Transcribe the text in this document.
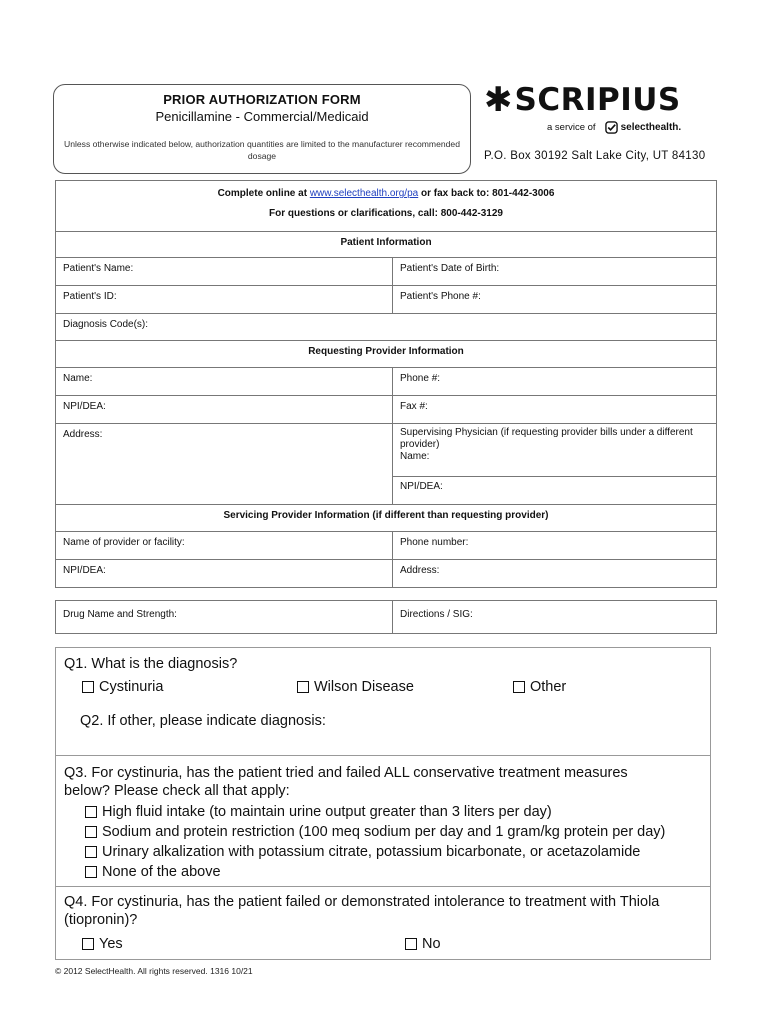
PRIOR AUTHORIZATION FORM
Penicillamine - Commercial/Medicaid
Unless otherwise indicated below, authorization quantities are limited to the manufacturer recommended dosage
✱ SCRIPIUS
a service of	selecthealth.
P.O. Box 30192 Salt Lake City, UT 84130
Complete online at www.selecthealth.org/pa or fax back to: 801-442-3006
For questions or clarifications, call: 800-442-3129
Patient Information
Patient's Name:	Patient's Date of Birth:
Patient's ID:	Patient's Phone #:
Diagnosis Code(s):
Requesting Provider Information
Name:	Phone #:
NPI/DEA:	Fax #:
Address:	Supervising Physician (if requesting provider bills under a different provider)
Name:
NPI/DEA:
Servicing Provider Information (if different than requesting provider)
Name of provider or facility:	Phone number:
NPI/DEA:	Address:
Drug Name and Strength:	Directions / SIG:
Q1. What is the diagnosis?
Cystinuria	Wilson Disease	Other
Q2. If other, please indicate diagnosis:
Q3. For cystinuria, has the patient tried and failed ALL conservative treatment measures below? Please check all that apply:
High fluid intake (to maintain urine output greater than 3 liters per day)
Sodium and protein restriction (100 meq sodium per day and 1 gram/kg protein per day)
Urinary alkalization with potassium citrate, potassium bicarbonate, or acetazolamide
None of the above
Q4. For cystinuria, has the patient failed or demonstrated intolerance to treatment with Thiola (tiopronin)?
Yes	No
© 2012 SelectHealth. All rights reserved. 1316 10/21
